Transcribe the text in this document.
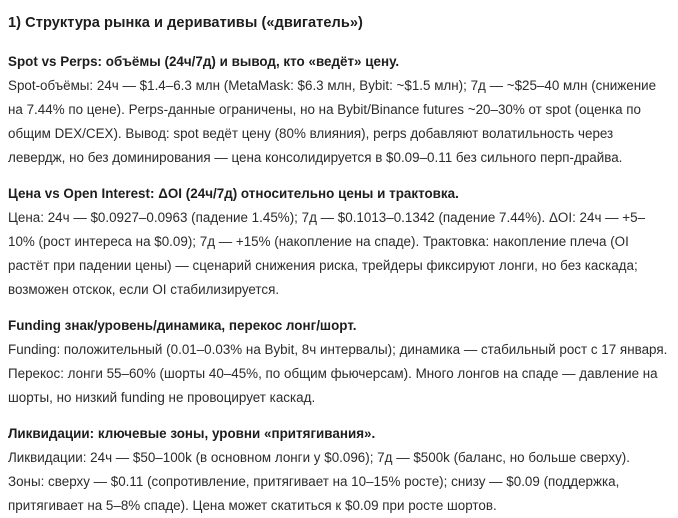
1) Структура рынка и деривативы («двигатель»)

Spot vs Perps: объёмы (24ч/7д) и вывод, кто «ведёт» цену.

Spot-объёмы: 24ч — $1.4–6.3 млн (MetaMask: $6.3 млн, Bybit: ~$1.5 млн); 7д — ~$25–40 млн (снижение на 7.44% по цене). Perps-данные ограничены, но на Bybit/Binance futures ~20–30% от spot (оценка по общим DEX/CEX). Вывод: spot ведёт цену (80% влияния), perps добавляют волатильность через левердж, но без доминирования — цена консолидируется в $0.09–0.11 без сильного перп-драйва.

Цена vs Open Interest: ΔOI (24ч/7д) относительно цены и трактовка.

Цена: 24ч — $0.0927–0.0963 (падение 1.45%); 7д — $0.1013–0.1342 (падение 7.44%). ΔOI: 24ч — +5–10% (рост интереса на $0.09); 7д — +15% (накопление на спаде). Трактовка: накопление плеча (OI растёт при падении цены) — сценарий снижения риска, трейдеры фиксируют лонги, но без каскада; возможен отскок, если OI стабилизируется.

Funding знак/уровень/динамика, перекос лонг/шорт.

Funding: положительный (0.01–0.03% на Bybit, 8ч интервалы); динамика — стабильный рост с 17 января. Перекос: лонги 55–60% (шорты 40–45%, по общим фьючерсам). Много лонгов на спаде — давление на шорты, но низкий funding не провоцирует каскад.

Ликвидации: ключевые зоны, уровни «притягивания».

Ликвидации: 24ч — $50–100k (в основном лонги у $0.096); 7д — $500k (баланс, но больше сверху). Зоны: сверху — $0.11 (сопротивление, притягивает на 10–15% росте); снизу — $0.09 (поддержка, притягивает на 5–8% спаде). Цена может скатиться к $0.09 при росте шортов.
